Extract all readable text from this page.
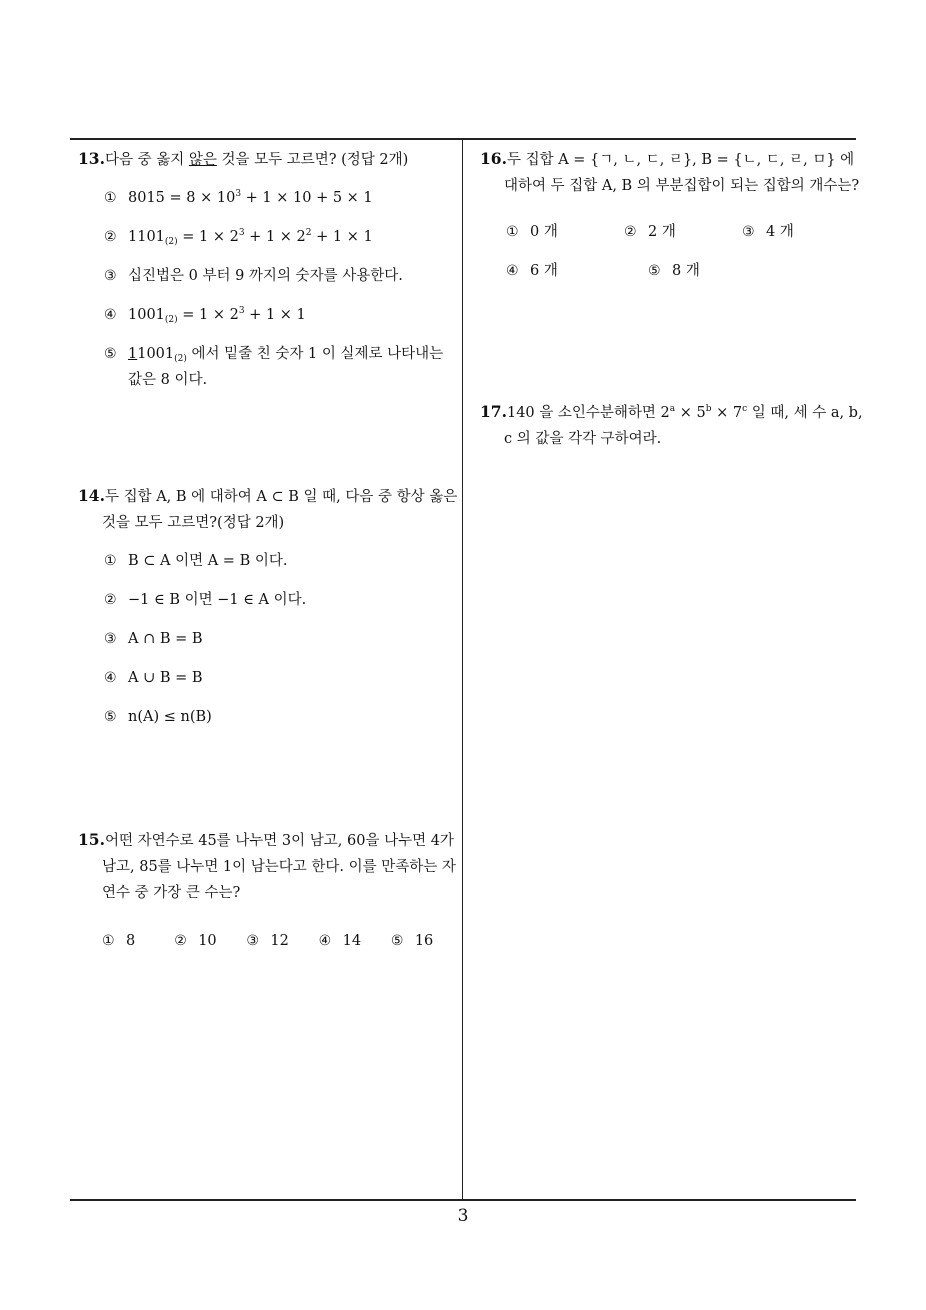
13.다음 중 옳지 않은 것을 모두 고르면? (정답 2개)
① $8015 = 8 \times 10^3 + 1 \times 10 + 5 \times 1$
② $1101_{(2)} = 1 \times 2^3 + 1 \times 2^2 + 1 \times 1$
③ 십진법은 0 부터 9 까지의 숫자를 사용한다.
④ $1001_{(2)} = 1 \times 2^3 + 1 \times 1$
⑤ $11001_{(2)}$ 에서 밑줄 친 숫자 1 이 실제로 나타내는 값은 8 이다.
14.두 집합 A, B 에 대하여 A ⊂ B 일 때, 다음 중 항상 옳은 것을 모두 고르면?(정답 2개)
① B ⊂ A 이면 A = B 이다.
② −1 ∈ B 이면 −1 ∈ A 이다.
③ A ∩ B = B
④ A ∪ B = B
⑤ n(A) ≤ n(B)
15.어떤 자연수로 45를 나누면 3이 남고, 60을 나누면 4가 남고, 85를 나누면 1이 남는다고 한다. 이를 만족하는 자연수 중 가장 큰 수는?
① 8	② 10	③ 12	④ 14	⑤ 16
16.두 집합 A = {ㄱ, ㄴ, ㄷ, ㄹ}, B = {ㄴ, ㄷ, ㄹ, ㅁ} 에 대하여 두 집합 A, B 의 부분집합이 되는 집합의 개수는?
① 0 개	② 2 개	③ 4 개
④ 6 개	⑤ 8 개
17.140 을 소인수분해하면 $2^a \times 5^b \times 7^c$ 일 때, 세 수 a, b, c 의 값을 각각 구하여라.
3
